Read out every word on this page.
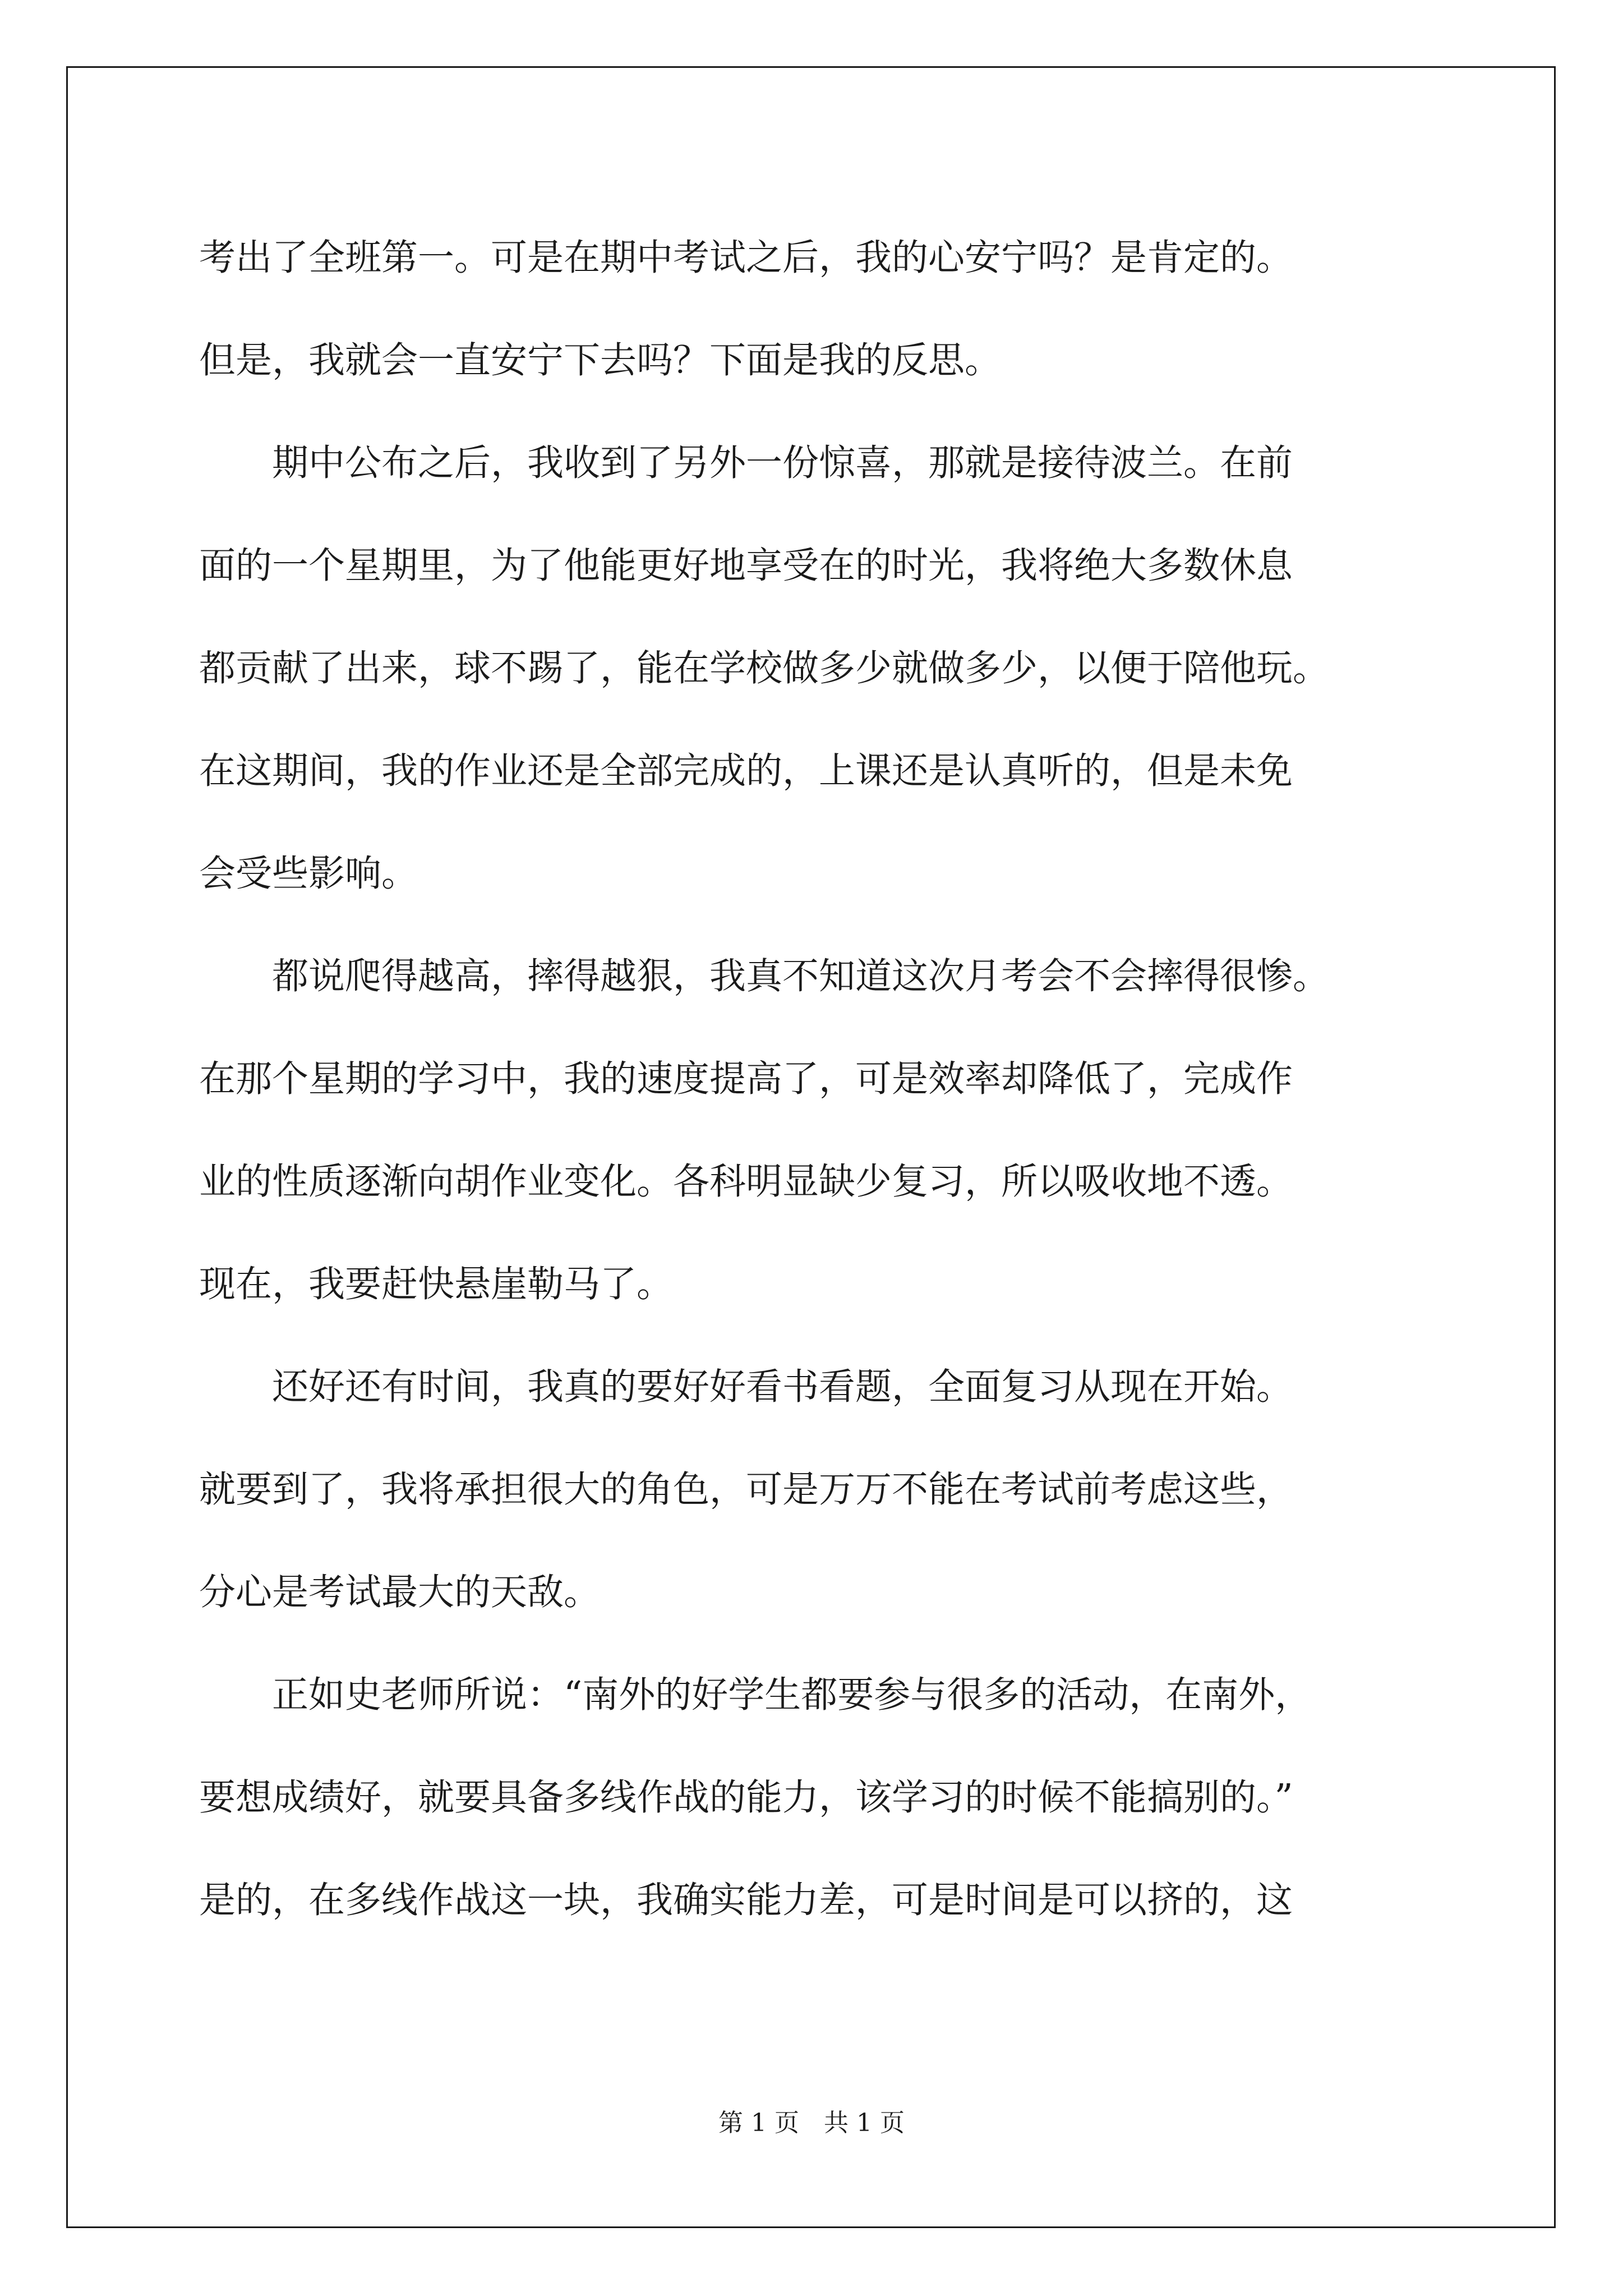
考出了全班第一。可是在期中考试之后，我的心安宁吗？是肯定的。
但是，我就会一直安宁下去吗？下面是我的反思。
　　期中公布之后，我收到了另外一份惊喜，那就是接待波兰。在前
面的一个星期里，为了他能更好地享受在的时光，我将绝大多数休息
都贡献了出来，球不踢了，能在学校做多少就做多少，以便于陪他玩。
在这期间，我的作业还是全部完成的，上课还是认真听的，但是未免
会受些影响。
　　都说爬得越高，摔得越狠，我真不知道这次月考会不会摔得很惨。
在那个星期的学习中，我的速度提高了，可是效率却降低了，完成作
业的性质逐渐向胡作业变化。各科明显缺少复习，所以吸收地不透。
现在，我要赶快悬崖勒马了。
　　还好还有时间，我真的要好好看书看题，全面复习从现在开始。
就要到了，我将承担很大的角色，可是万万不能在考试前考虑这些，
分心是考试最大的天敌。
　　正如史老师所说：“南外的好学生都要参与很多的活动，在南外，
要想成绩好，就要具备多线作战的能力，该学习的时候不能搞别的。”
是的，在多线作战这一块，我确实能力差，可是时间是可以挤的，这
第 1 页　共 1 页
